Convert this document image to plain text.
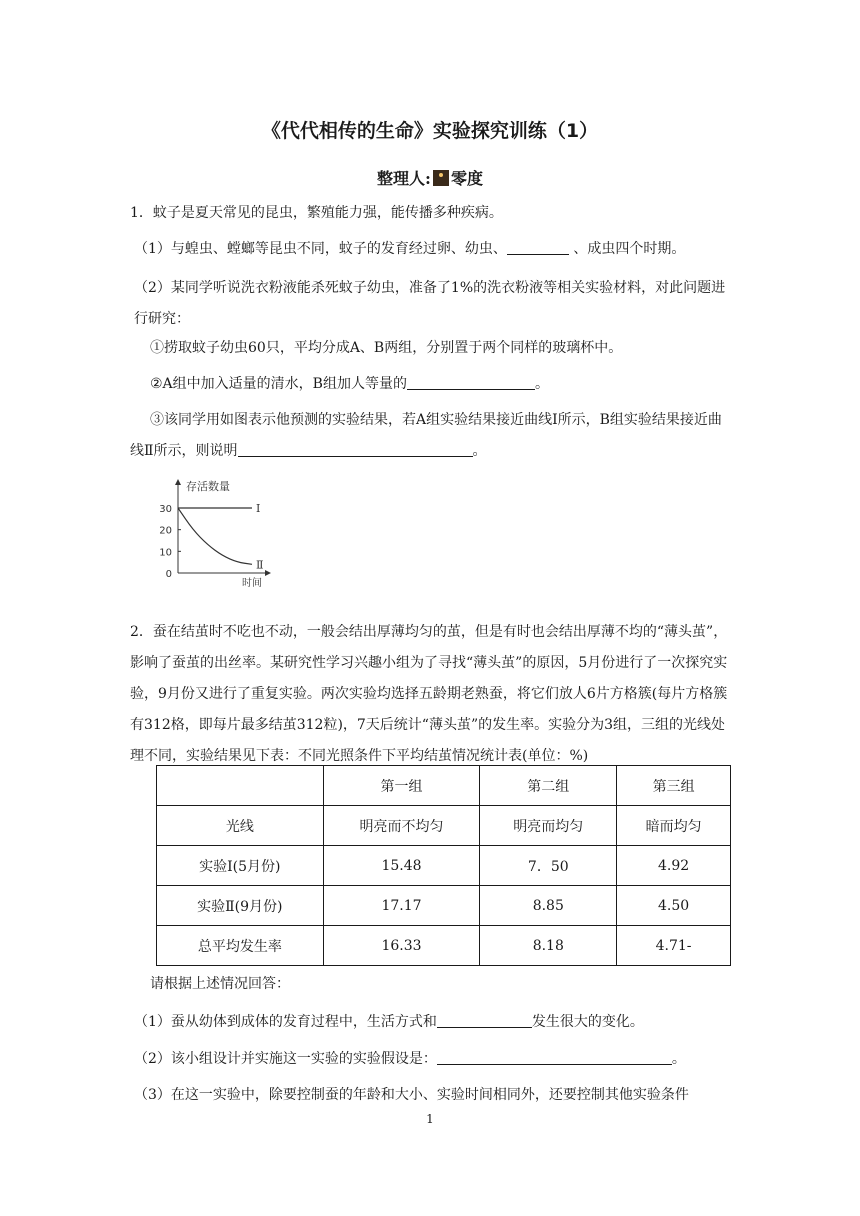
《代代相传的生命》实验探究训练（1）
整理人: 零度
1．蚊子是夏天常见的昆虫，繁殖能力强，能传播多种疾病。
（1）与蝗虫、螳螂等昆虫不同，蚊子的发育经过卵、幼虫、	、成虫四个时期。
（2）某同学听说洗衣粉液能杀死蚊子幼虫，准备了1%的洗衣粉液等相关实验材料，对此问题进行研究：
①捞取蚊子幼虫60只，平均分成A、B两组，分别置于两个同样的玻璃杯中。
②A组中加入适量的清水，B组加人等量的	。
③该同学用如图表示他预测的实验结果，若A组实验结果接近曲线Ⅰ所示，B组实验结果接近曲线Ⅱ所示，则说明	。
存活数量
时间
30
20
10
0
Ⅰ
Ⅱ
2．蚕在结茧时不吃也不动，一般会结出厚薄均匀的茧，但是有时也会结出厚薄不均的“薄头茧”，影响了蚕茧的出丝率。某研究性学习兴趣小组为了寻找“薄头茧”的原因，5月份进行了一次探究实验，9月份又进行了重复实验。两次实验均选择五龄期老熟蚕，将它们放人6片方格簇(每片方格簇有312格，即每片最多结茧312粒)，7天后统计“薄头茧”的发生率。实验分为3组，三组的光线处理不同，实验结果见下表：不同光照条件下平均结茧情况统计表(单位：%)
	第一组	第二组	第三组
光线	明亮而不均匀	明亮而均匀	暗而均匀
实验Ⅰ(5月份)	15.48	7．50	4.92
实验Ⅱ(9月份)	17.17	8.85	4.50
总平均发生率	16.33	8.18	4.71-
请根据上述情况回答：
（1）蚕从幼体到成体的发育过程中，生活方式和	发生很大的变化。
（2）该小组设计并实施这一实验的实验假设是：	。
（3）在这一实验中，除要控制蚕的年龄和大小、实验时间相同外，还要控制其他实验条件
1
